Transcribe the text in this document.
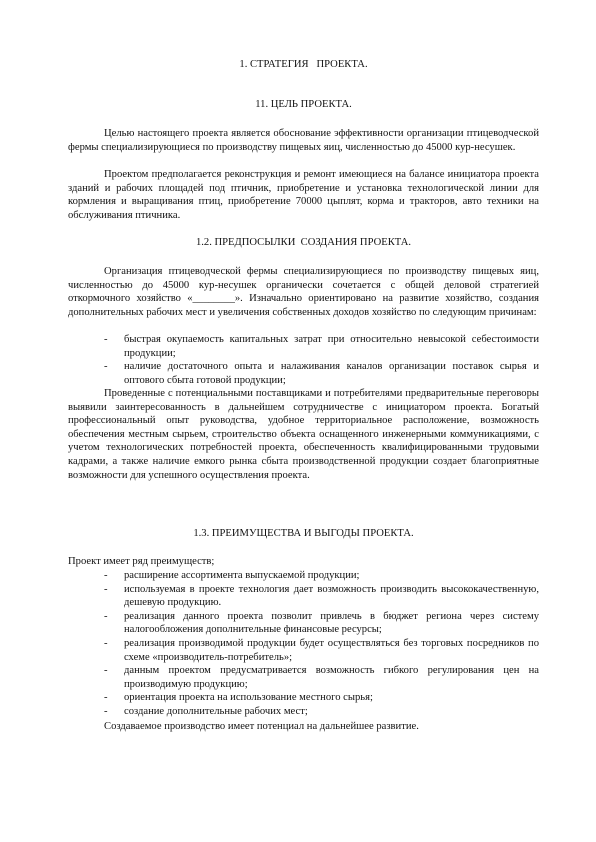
1. СТРАТЕГИЯ   ПРОЕКТА.
11. ЦЕЛЬ ПРОЕКТА.
Целью настоящего проекта является обоснование эффективности организации птицеводческой фермы специализирующиеся по производству пищевых яиц, численностью до 45000 кур-несушек.
Проектом предполагается реконструкция и ремонт имеющиеся на балансе инициатора проекта зданий и рабочих площадей под птичник, приобретение и установка технологической линии для кормления и выращивания птиц, приобретение 70000 цыплят, корма и тракторов, авто техники на обслуживания птичника.
1.2. ПРЕДПОСЫЛКИ  СОЗДАНИЯ ПРОЕКТА.
Организация птицеводческой фермы специализирующиеся по производству пищевых яиц, численностью до 45000 кур-несушек органически сочетается с общей деловой стратегией откормочного хозяйство «________». Изначально ориентировано на развитие хозяйство, создания дополнительных рабочих мест и увеличения собственных доходов хозяйство по следующим причинам:
- быстрая окупаемость капитальных затрат при относительно невысокой себестоимости продукции;
- наличие достаточного опыта и налаживания каналов организации поставок сырья и оптового сбыта готовой продукции;
Проведенные с потенциальными поставщиками и потребителями предварительные переговоры выявили заинтересованность в дальнейшем сотрудничестве с инициатором проекта. Богатый профессиональный опыт руководства, удобное территориальное расположение, возможность обеспечения местным сырьем, строительство объекта оснащенного инженерными коммуникациями, с учетом технологических потребностей проекта, обеспеченность квалифицированными трудовыми кадрами, а также наличие емкого рынка сбыта производственной продукции создает благоприятные возможности для успешного осуществления проекта.
1.3. ПРЕИМУЩЕСТВА И ВЫГОДЫ ПРОЕКТА.
Проект имеет ряд преимуществ;
- расширение ассортимента выпускаемой продукции;
- используемая в проекте технология дает возможность производить высококачественную, дешевую продукцию.
- реализация данного проекта позволит привлечь в бюджет региона через систему налогообложения дополнительные финансовые ресурсы;
- реализация производимой продукции будет осуществляться без торговых посредников по схеме «производитель-потребитель»;
- данным проектом предусматривается возможность гибкого регулирования цен на производимую продукцию;
- ориентация проекта на использование местного сырья;
- создание дополнительные рабочих мест;
Создаваемое производство имеет потенциал на дальнейшее развитие.
